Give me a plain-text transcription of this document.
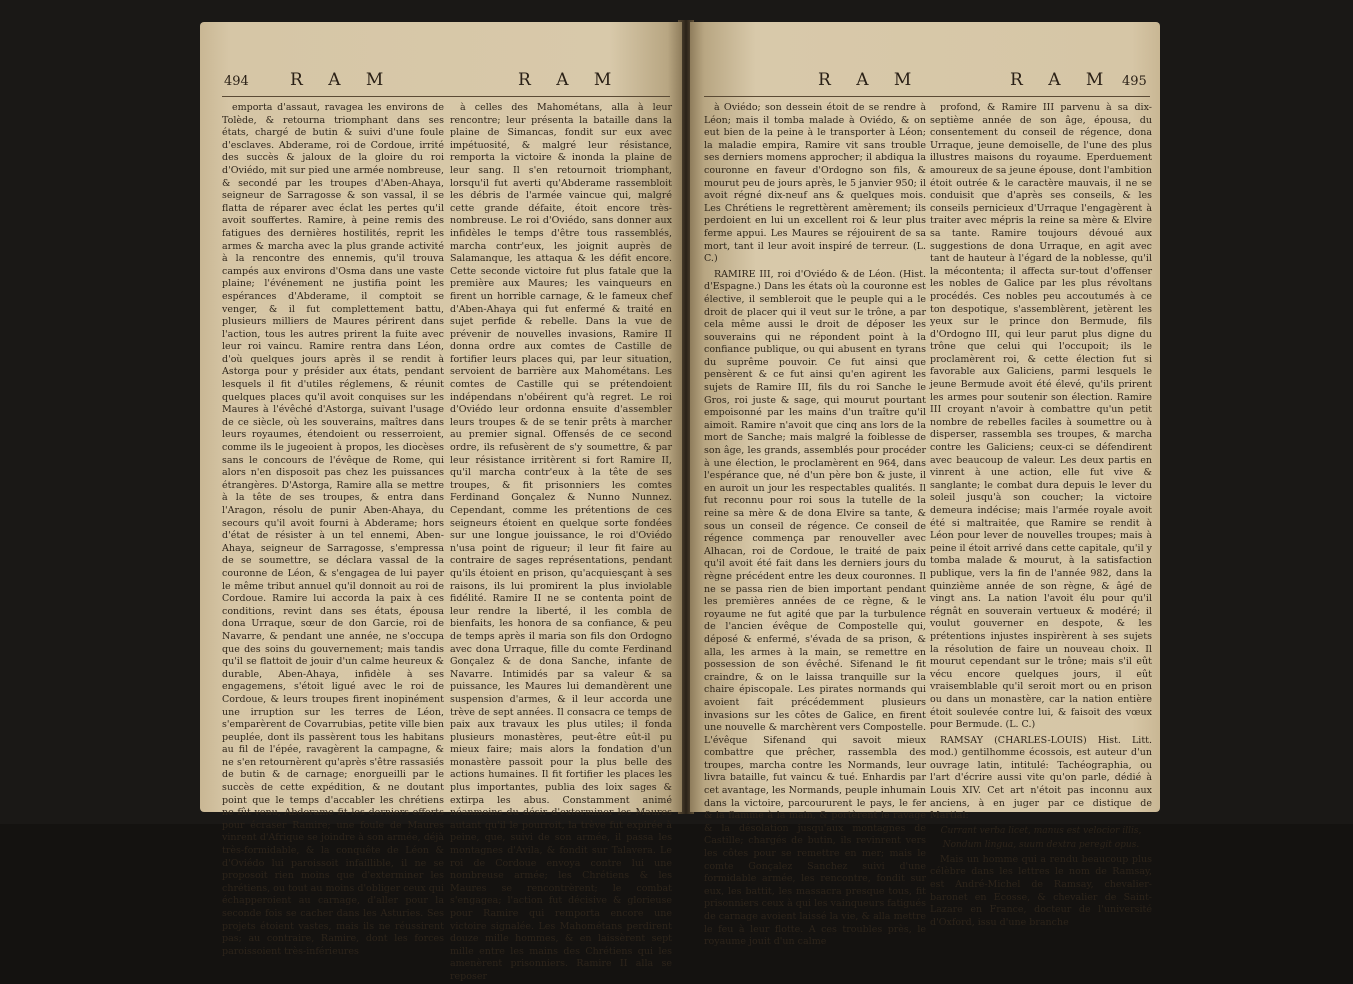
494 R A M	R A M

emporta d'assaut, ravagea les environs de Tolède, & retourna triomphant dans ses états, chargé de butin & suivi d'une foule d'esclaves. Abderame, roi de Cordoue, irrité des succès & jaloux de la gloire du roi d'Oviédo, mit sur pied une armée nombreuse, & secondé par les troupes d'Aben-Ahaya, seigneur de Sarragosse & son vassal, il se flatta de réparer avec éclat les pertes qu'il avoit souffertes. Ramire, à peine remis des fatigues des dernières hostilités, reprit les armes & marcha avec la plus grande activité à la rencontre des ennemis, qu'il trouva campés aux environs d'Osma dans une vaste plaine; l'événement ne justifia point les espérances d'Abderame, il comptoit se venger, & il fut complettement battu, plusieurs milliers de Maures périrent dans l'action, tous les autres prirent la fuite avec leur roi vaincu. Ramire rentra dans Léon, d'où quelques jours après il se rendit à Astorga pour y présider aux états, pendant lesquels il fit d'utiles réglemens, & réunit quelques places qu'il avoit conquises sur les Maures à l'évêché d'Astorga, suivant l'usage de ce siècle, où les souverains, maîtres dans leurs royaumes, étendoient ou resserroient, comme ils le jugeoient à propos, les diocèses sans le concours de l'évêque de Rome, qui alors n'en disposoit pas chez les puissances étrangères. D'Astorga, Ramire alla se mettre à la tête de ses troupes, & entra dans l'Aragon, résolu de punir Aben-Ahaya, du secours qu'il avoit fourni à Abderame; hors d'état de résister à un tel ennemi, Aben-Ahaya, seigneur de Sarragosse, s'empressa de se soumettre, se déclara vassal de la couronne de Léon, & s'engagea de lui payer le même tribut annuel qu'il donnoit au roi de Cordoue. Ramire lui accorda la paix à ces conditions, revint dans ses états, épousa dona Urraque, sœur de don Garcie, roi de Navarre, & pendant une année, ne s'occupa que des soins du gouvernement; mais tandis qu'il se flattoit de jouir d'un calme heureux & durable, Aben-Ahaya, infidèle à ses engagemens, s'étoit ligué avec le roi de Cordoue, & leurs troupes firent inopinément une irruption sur les terres de Léon, s'emparèrent de Covarrubias, petite ville bien peuplée, dont ils passèrent tous les habitans au fil de l'épée, ravagèrent la campagne, & ne s'en retournèrent qu'après s'être rassasiés de butin & de carnage; enorgueilli par le succès de cette expédition, & ne doutant point que le temps d'accabler les chrétiens ne fût venu, Abderame fit les derniers efforts pour écraser Ramire; une foule de Maures vinrent d'Afrique se joindre à son armée, déjà très-formidable, & la conquête de Léon & d'Oviédo lui paroissoit infaillible, il ne se proposoit rien moins que d'exterminer les chrétiens, ou tout au moins d'obliger ceux qui échapperoient au carnage, d'aller pour la seconde fois se cacher dans les Asturies. Ses projets étoient vastes, mais ils ne réussirent pas; au contraire, Ramire, dont les forces paroissoient très-inférieures

à celles des Mahométans, alla à leur rencontre; leur présenta la bataille dans la plaine de Simancas, fondit sur eux avec impétuosité, & malgré leur résistance, remporta la victoire & inonda la plaine de leur sang. Il s'en retournoit triomphant, lorsqu'il fut averti qu'Abderame rassembloit les débris de l'armée vaincue qui, malgré cette grande défaite, étoit encore très-nombreuse. Le roi d'Oviédo, sans donner aux infidèles le temps d'être tous rassemblés, marcha contr'eux, les joignit auprès de Salamanque, les attaqua & les défit encore. Cette seconde victoire fut plus fatale que la première aux Maures; les vainqueurs en firent un horrible carnage, & le fameux chef d'Aben-Ahaya qui fut enfermé & traité en sujet perfide & rebelle. Dans la vue de prévenir de nouvelles invasions, Ramire II donna ordre aux comtes de Castille de fortifier leurs places qui, par leur situation, servoient de barrière aux Mahométans. Les comtes de Castille qui se prétendoient indépendans n'obéirent qu'à regret. Le roi d'Oviédo leur ordonna ensuite d'assembler leurs troupes & de se tenir prêts à marcher au premier signal. Offensés de ce second ordre, ils refusèrent de s'y soumettre, & par leur résistance irritèrent si fort Ramire II, qu'il marcha contr'eux à la tête de ses troupes, & fit prisonniers les comtes Ferdinand Gonçalez & Nunno Nunnez. Cependant, comme les prétentions de ces seigneurs étoient en quelque sorte fondées sur une longue jouissance, le roi d'Oviédo n'usa point de rigueur; il leur fit faire au contraire de sages représentations, pendant qu'ils étoient en prison, qu'acquiesçant à ses raisons, ils lui promirent la plus inviolable fidélité. Ramire II ne se contenta point de leur rendre la liberté, il les combla de bienfaits, les honora de sa confiance, & peu de temps après il maria son fils don Ordogno avec dona Urraque, fille du comte Ferdinand Gonçalez & de dona Sanche, infante de Navarre. Intimidés par sa valeur & sa puissance, les Maures lui demandèrent une suspension d'armes, & il leur accorda une trève de sept années. Il consacra ce temps de paix aux travaux les plus utiles; il fonda plusieurs monastères, peut-être eût-il pu mieux faire; mais alors la fondation d'un monastère passoit pour la plus belle des actions humaines. Il fit fortifier les places les plus importantes, publia des loix sages & extirpa les abus. Constamment animé néanmoins du désir d'exterminer les Maures autant qu'il le pourroit, la trève fut expirée à peine, que, suivi de son armée, il passa les montagnes d'Avila, & fondit sur Talavera. Le roi de Cordoue envoya contre lui une nombreuse armée; les Chrétiens & les Maures se rencontrèrent; le combat s'engagea; l'action fut décisive & glorieuse pour Ramire qui remporta encore une victoire signalée. Les Mahométans perdirent douze mille hommes, & en laissèrent sept mille entre les mains des Chrétiens qui les amenèrent prisonniers. Ramire II alla se reposer

R A M	R A M 495

à Oviédo; son dessein étoit de se rendre à Léon; mais il tomba malade à Oviédo, & on eut bien de la peine à le transporter à Léon; la maladie empira, Ramire vit sans trouble ses derniers momens approcher; il abdiqua la couronne en faveur d'Ordogno son fils, & mourut peu de jours après, le 5 janvier 950; il avoit régné dix-neuf ans & quelques mois. Les Chrétiens le regrettèrent amèrement; ils perdoient en lui un excellent roi & leur plus ferme appui. Les Maures se réjouirent de sa mort, tant il leur avoit inspiré de terreur. (L. C.)

RAMIRE III, roi d'Oviédo & de Léon. (Hist. d'Espagne.) Dans les états où la couronne est élective, il sembleroit que le peuple qui a le droit de placer qui il veut sur le trône, a par cela même aussi le droit de déposer les souverains qui ne répondent point à la confiance publique, ou qui abusent en tyrans du suprême pouvoir. Ce fut ainsi que pensèrent & ce fut ainsi qu'en agirent les sujets de Ramire III, fils du roi Sanche le Gros, roi juste & sage, qui mourut pourtant empoisonné par les mains d'un traître qu'il aimoit. Ramire n'avoit que cinq ans lors de la mort de Sanche; mais malgré la foiblesse de son âge, les grands, assemblés pour procéder à une élection, le proclamèrent en 964, dans l'espérance que, né d'un père bon & juste, il en auroit un jour les respectables qualités. Il fut reconnu pour roi sous la tutelle de la reine sa mère & de dona Elvire sa tante, & sous un conseil de régence. Ce conseil de régence commença par renouveller avec Alhacan, roi de Cordoue, le traité de paix qu'il avoit été fait dans les derniers jours du règne précédent entre les deux couronnes. Il ne se passa rien de bien important pendant les premières années de ce règne, & le royaume ne fut agité que par la turbulence de l'ancien évêque de Compostelle qui, déposé & enfermé, s'évada de sa prison, & alla, les armes à la main, se remettre en possession de son évêché. Sifenand le fit craindre, & on le laissa tranquille sur la chaire épiscopale. Les pirates normands qui avoient fait précédemment plusieurs invasions sur les côtes de Galice, en firent une nouvelle & marchèrent vers Compostelle. L'évêque Sifenand qui savoit mieux combattre que prêcher, rassembla des troupes, marcha contre les Normands, leur livra bataille, fut vaincu & tué. Enhardis par cet avantage, les Normands, peuple inhumain dans la victoire, parcoururent le pays, le fer & la flamme à la main, & portèrent le ravage & la désolation jusqu'aux montagnes de Castille; chargés de butin, ils revinrent vers les côtes pour se remettre en mer; mais le comte Gonçalez Sanchez suivi d'une formidable armée, les rencontre, fondit sur eux, les battit, les massacra presque tous, fit prisonniers ceux à qui les vainqueurs fatigués de carnage avoient laissé la vie, & alla mettre le feu à leur flotte. A ces troubles près, le royaume jouit d'un calme

profond, & Ramire III parvenu à sa dix-septième année de son âge, épousa, du consentement du conseil de régence, dona Urraque, jeune demoiselle, de l'une des plus illustres maisons du royaume. Eperduement amoureux de sa jeune épouse, dont l'ambition étoit outrée & le caractère mauvais, il ne se conduisit que d'après ses conseils, & les conseils pernicieux d'Urraque l'engagèrent à traiter avec mépris la reine sa mère & Elvire sa tante. Ramire toujours dévoué aux suggestions de dona Urraque, en agit avec tant de hauteur à l'égard de la noblesse, qu'il la mécontenta; il affecta sur-tout d'offenser les nobles de Galice par les plus révoltans procédés. Ces nobles peu accoutumés à ce ton despotique, s'assemblèrent, jetèrent les yeux sur le prince don Bermude, fils d'Ordogno III, qui leur parut plus digne du trône que celui qui l'occupoit; ils le proclamèrent roi, & cette élection fut si favorable aux Galiciens, parmi lesquels le jeune Bermude avoit été élevé, qu'ils prirent les armes pour soutenir son élection. Ramire III croyant n'avoir à combattre qu'un petit nombre de rebelles faciles à soumettre ou à disperser, rassembla ses troupes, & marcha contre les Galiciens; ceux-ci se défendirent avec beaucoup de valeur. Les deux partis en vinrent à une action, elle fut vive & sanglante; le combat dura depuis le lever du soleil jusqu'à son coucher; la victoire demeura indécise; mais l'armée royale avoit été si maltraitée, que Ramire se rendit à Léon pour lever de nouvelles troupes; mais à peine il étoit arrivé dans cette capitale, qu'il y tomba malade & mourut, à la satisfaction publique, vers la fin de l'année 982, dans la quinzième année de son règne, & âgé de vingt ans. La nation l'avoit élu pour qu'il régnât en souverain vertueux & modéré; il voulut gouverner en despote, & les prétentions injustes inspirèrent à ses sujets la résolution de faire un nouveau choix. Il mourut cependant sur le trône; mais s'il eût vécu encore quelques jours, il eût vraisemblable qu'il seroit mort ou en prison ou dans un monastère, car la nation entière étoit soulevée contre lui, & faisoit des vœux pour Bermude. (L. C.)

RAMSAY (CHARLES-LOUIS) Hist. Litt. mod.) gentilhomme écossois, est auteur d'un ouvrage latin, intitulé: Tachéographia, ou l'art d'écrire aussi vite qu'on parle, dédié à Louis XIV. Cet art n'étoit pas inconnu aux anciens, à en juger par ce distique de Martial:

Currant verba licet, manus est velocior illis,

Nondum lingua, suum dextra peregit opus.

Mais un homme qui a rendu beaucoup plus célèbre dans les lettres le nom de Ramsay, est André-Michel de Ramsay, chevalier-baronet en Ecosse, & chevalier de Saint-Lazare en France, docteur de l'université d'Oxford, issu d'une branche
